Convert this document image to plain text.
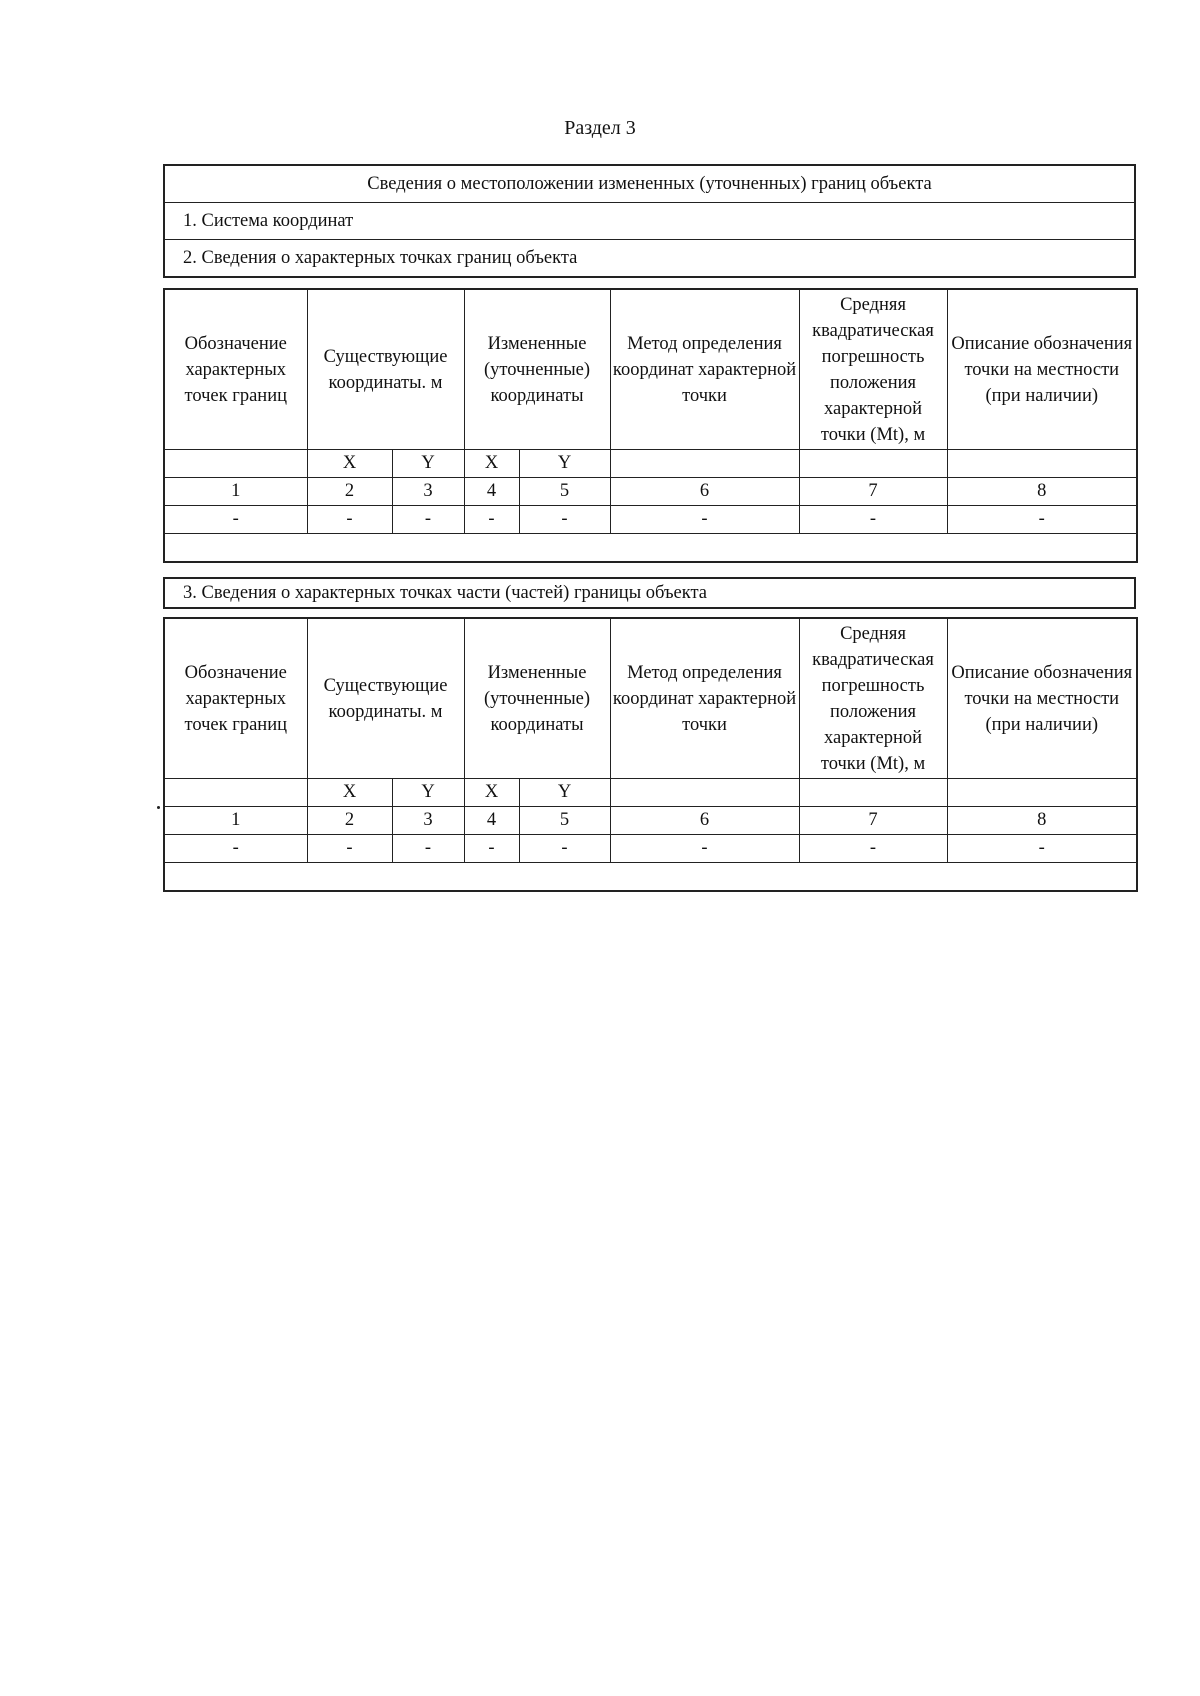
Раздел 3
Сведения о местоположении измененных (уточненных) границ объекта
1. Система координат
2. Сведения о характерных точках границ объекта
Обозначение характерных точек границ	Существующие координаты. м		Измененные (уточненные) координаты		Метод определения координат характерной точки	Средняя квадратическая погрешность положения характерной точки (Mt), м	Описание обозначения точки на местности (при наличии)
	X	Y	X	Y			
1	2	3	4	5	6	7	8
-	-	-	-	-	-	-	-

3. Сведения о характерных точках части (частей) границы объекта
Обозначение характерных точек границ	Существующие координаты. м		Измененные (уточненные) координаты		Метод определения координат характерной точки	Средняя квадратическая погрешность положения характерной точки (Mt), м	Описание обозначения точки на местности (при наличии)
	X	Y	X	Y			
1	2	3	4	5	6	7	8
-	-	-	-	-	-	-	-
